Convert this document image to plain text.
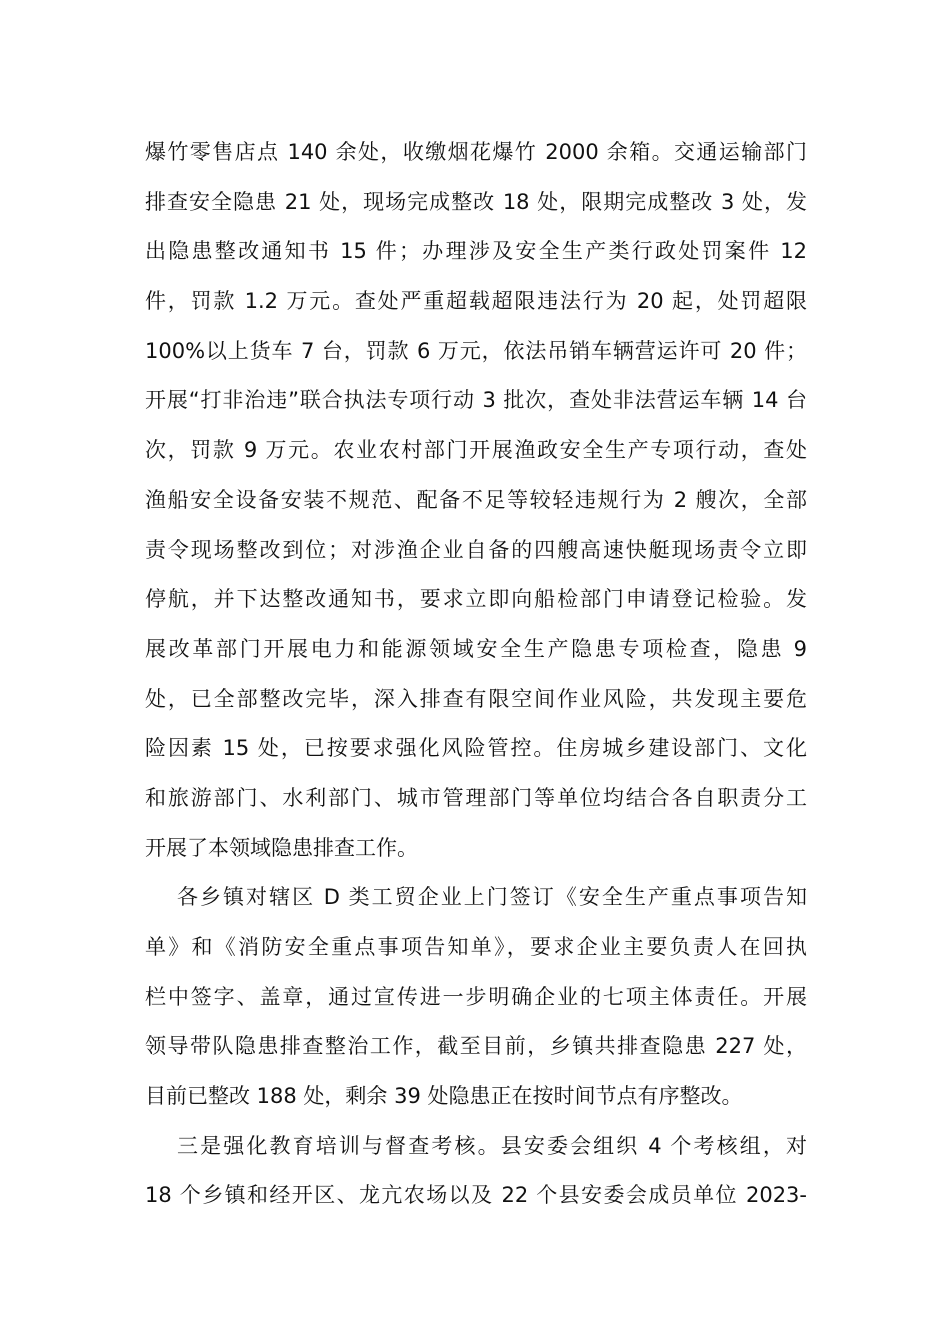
爆竹零售店点 140 余处，收缴烟花爆竹 2000 余箱。交通运输部门
排查安全隐患 21 处，现场完成整改 18 处，限期完成整改 3 处，发
出隐患整改通知书 15 件；办理涉及安全生产类行政处罚案件 12
件，罚款 1.2 万元。查处严重超载超限违法行为 20 起，处罚超限
100%以上货车 7 台，罚款 6 万元，依法吊销车辆营运许可 20 件；
开展“打非治违”联合执法专项行动 3 批次，查处非法营运车辆 14 台
次，罚款 9 万元。农业农村部门开展渔政安全生产专项行动，查处
渔船安全设备安装不规范、配备不足等较轻违规行为 2 艘次，全部
责令现场整改到位；对涉渔企业自备的四艘高速快艇现场责令立即
停航，并下达整改通知书，要求立即向船检部门申请登记检验。发
展改革部门开展电力和能源领域安全生产隐患专项检查，隐患 9
处，已全部整改完毕，深入排查有限空间作业风险，共发现主要危
险因素 15 处，已按要求强化风险管控。住房城乡建设部门、文化
和旅游部门、水利部门、城市管理部门等单位均结合各自职责分工
开展了本领域隐患排查工作。
各乡镇对辖区 D 类工贸企业上门签订《安全生产重点事项告知
单》和《消防安全重点事项告知单》，要求企业主要负责人在回执
栏中签字、盖章，通过宣传进一步明确企业的七项主体责任。开展
领导带队隐患排查整治工作，截至目前，乡镇共排查隐患 227 处，
目前已整改 188 处，剩余 39 处隐患正在按时间节点有序整改。
三是强化教育培训与督查考核。县安委会组织 4 个考核组，对
18 个乡镇和经开区、龙亢农场以及 22 个县安委会成员单位 2023-
